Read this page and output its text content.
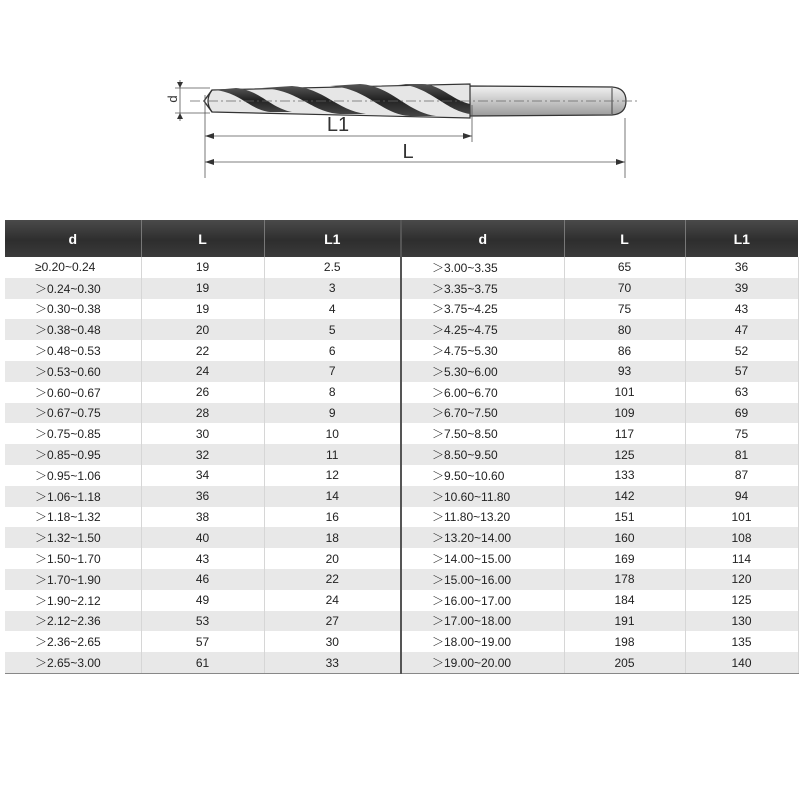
d
L1
L
d	L	L1	d	L	L1
≥0.20~0.24	19	2.5	＞3.00~3.35	65	36
＞0.24~0.30	19	3	＞3.35~3.75	70	39
＞0.30~0.38	19	4	＞3.75~4.25	75	43
＞0.38~0.48	20	5	＞4.25~4.75	80	47
＞0.48~0.53	22	6	＞4.75~5.30	86	52
＞0.53~0.60	24	7	＞5.30~6.00	93	57
＞0.60~0.67	26	8	＞6.00~6.70	101	63
＞0.67~0.75	28	9	＞6.70~7.50	109	69
＞0.75~0.85	30	10	＞7.50~8.50	117	75
＞0.85~0.95	32	11	＞8.50~9.50	125	81
＞0.95~1.06	34	12	＞9.50~10.60	133	87
＞1.06~1.18	36	14	＞10.60~11.80	142	94
＞1.18~1.32	38	16	＞11.80~13.20	151	101
＞1.32~1.50	40	18	＞13.20~14.00	160	108
＞1.50~1.70	43	20	＞14.00~15.00	169	114
＞1.70~1.90	46	22	＞15.00~16.00	178	120
＞1.90~2.12	49	24	＞16.00~17.00	184	125
＞2.12~2.36	53	27	＞17.00~18.00	191	130
＞2.36~2.65	57	30	＞18.00~19.00	198	135
＞2.65~3.00	61	33	＞19.00~20.00	205	140
